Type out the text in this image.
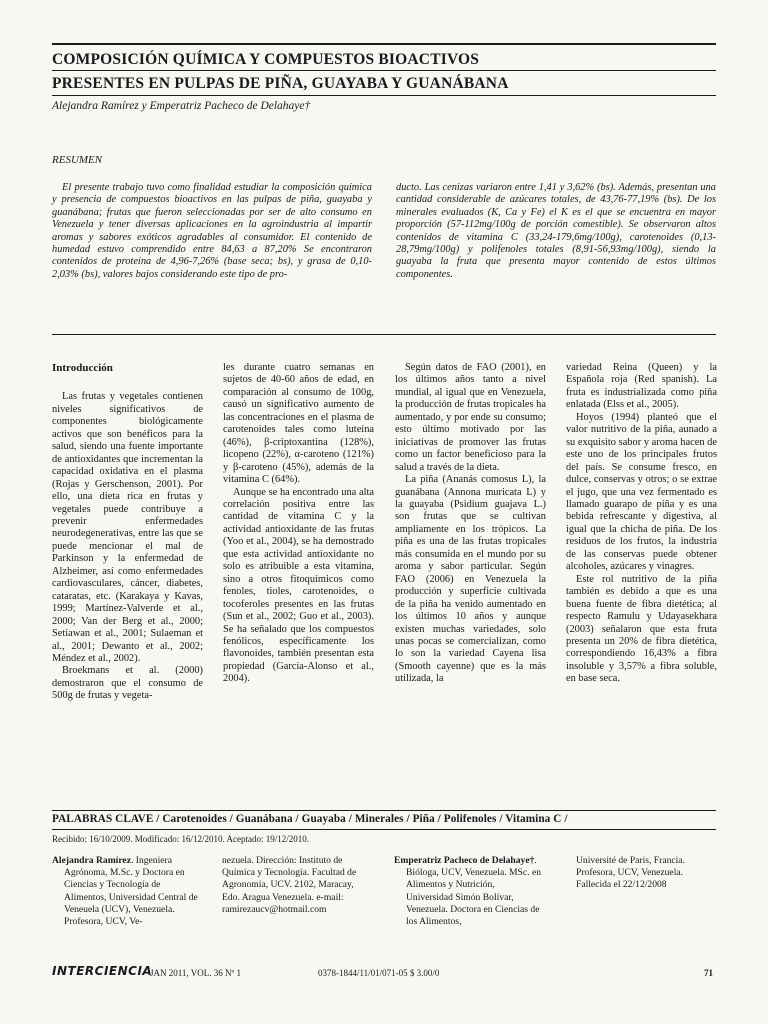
COMPOSICIÓN QUÍMICA Y COMPUESTOS BIOACTIVOS
PRESENTES EN PULPAS DE PIÑA, GUAYABA Y GUANÁBANA
Alejandra Ramírez y Emperatriz Pacheco de Delahaye†
RESUMEN

El presente trabajo tuvo como finalidad estudiar la composición química y presencia de compuestos bioactivos en las pulpas de piña, guayaba y guanábana; frutas que fueron seleccionadas por ser de alto consumo en Venezuela y tener diversas aplicaciones en la agroindustria al impartir aromas y sabores exóticos agradables al consumidor. El contenido de humedad estuvo comprendido entre 84,63 a 87,20% Se encontraron contenidos de proteína de 4,96-7,26% (base seca; bs), y grasa de 0,10-2,03% (bs), valores bajos considerando este tipo de pro-

ducto. Las cenizas variaron entre 1,41 y 3,62% (bs). Además, presentan una cantidad considerable de azúcares totales, de 43,76-77,19% (bs). De los minerales evaluados (K, Ca y Fe) el K es el que se encuentra en mayor proporción (57-112mg/100g de porción comestible). Se observaron altos contenidos de vitamina C (33,24-179,6mg/100g), carotenoides (0,13-28,79mg/100g) y polifenoles totales (8,91-56,93mg/100g), siendo la guayaba la fruta que presenta mayor contenido de estos últimos componentes.

Introducción

Las frutas y vegetales contienen niveles significativos de componentes biológicamente activos que son benéficos para la salud, siendo una fuente importante de antioxidantes que incrementan la capacidad oxidativa en el plasma (Rojas y Gerschenson, 2001). Por ello, una dieta rica en frutas y vegetales puede contribuye a prevenir enfermedades neurodegenerativas, entre las que se puede mencionar el mal de Parkinson y la enfermedad de Alzheimer, así como enfermedades cardiovasculares, cáncer, diabetes, cataratas, etc. (Karakaya y Kavas, 1999; Martínez-Valverde et al., 2000; Van der Berg et al., 2000; Setiawan et al., 2001; Sulaeman et al., 2001; Dewanto et al., 2002; Méndez et al., 2002).

Broekmans et al. (2000) demostraron que el consumo de 500g de frutas y vegeta-

les durante cuatro semanas en sujetos de 40-60 años de edad, en comparación al consumo de 100g, causó un significativo aumento de las concentraciones en el plasma de carotenoides tales como luteína (46%), β-criptoxantina (128%), licopeno (22%), α-caroteno (121%) y β-caroteno (45%), además de la vitamina C (64%).

Aunque se ha encontrado una alta correlación positiva entre las cantidad de vitamina C y la actividad antioxidante de las frutas (Yoo et al., 2004), se ha demostrado que esta actividad antioxidante no solo es atribuible a esta vitamina, sino a otros fitoquímicos como fenoles, tioles, carotenoides, o tocoferoles presentes en las frutas (Sun et al., 2002; Guo et al., 2003). Se ha señalado que los compuestos fenólicos, específicamente los flavonoides, también presentan esta propiedad (García-Alonso et al., 2004).

Según datos de FAO (2001), en los últimos años tanto a nivel mundial, al igual que en Venezuela, la producción de frutas tropicales ha aumentado, y por ende su consumo; esto último motivado por las iniciativas de promover las frutas como un factor beneficioso para la salud a través de la dieta.

La piña (Ananás comosus L), la guanábana (Annona muricata L) y la guayaba (Psidium guajava L.) son frutas que se cultivan ampliamente en los trópicos. La piña es una de las frutas tropicales más consumida en el mundo por su aroma y sabor particular. Según FAO (2006) en Venezuela la producción y superficie cultivada de la piña ha venido aumentado en los últimos 10 años y aunque existen muchas variedades, solo unas pocas se comercializan, como lo son la variedad Cayena lisa (Smooth cayenne) que es la más utilizada, la

variedad Reina (Queen) y la Española roja (Red spanish). La fruta es industrializada como piña enlatada (Elss et al., 2005).

Hoyos (1994) planteó que el valor nutritivo de la piña, aunado a su exquisito sabor y aroma hacen de este uno de los principales frutos del país. Se consume fresco, en dulce, conservas y otros; o se extrae el jugo, que una vez fermentado es llamado guarapo de piña y es una bebida refrescante y digestiva, al igual que la chicha de piña. De los residuos de los frutos, la industria de las conservas puede obtener alcoholes, azúcares y vinagres.

Este rol nutritivo de la piña también es debido a que es una buena fuente de fibra dietética; al respecto Ramulu y Udayasekhara (2003) señalaron que esta fruta presenta un 20% de fibra dietética, correspondiendo 16,43% a fibra insoluble y 3,57% a fibra soluble, en base seca.

PALABRAS CLAVE / Carotenoides / Guanábana / Guayaba / Minerales / Piña / Polifenoles / Vitamina C /
Recibido: 16/10/2009. Modificado: 16/12/2010. Aceptado: 19/12/2010.

Alejandra Ramírez. Ingeniera Agrónoma, M.Sc. y Doctora en Ciencias y Tecnología de Alimentos, Universidad Central de Veneuela (UCV), Venezuela. Profesora, UCV, Ve-

nezuela. Dirección: Instituto de Química y Tecnología. Facultad de Agronomía, UCV. 2102, Maracay, Edo. Aragua Venezuela. e-mail: ramirezaucv@hotmail.com

Emperatriz Pacheco de Delahaye†. Bióloga, UCV, Venezuela. MSc. en Alimentos y Nutrición, Universidad Simón Bolívar, Venezuela. Doctora en Ciencias de los Alimentos,

Université de Paris, Francia. Profesora, UCV, Venezuela. Fallecida el 22/12/2008

INTERCIENCIA
JAN 2011, VOL. 36 Nº 1	0378-1844/11/01/071-05 $ 3.00/0	71
